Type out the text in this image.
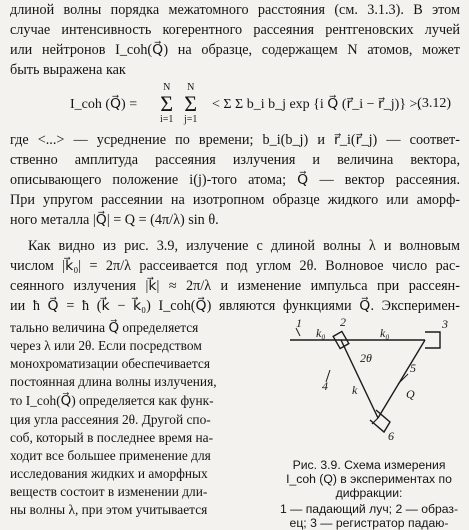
длиной волны порядка межатомного расстояния (см. 3.1.3). В этом
случае интенсивность когерентного рассеяния рентгеновских лучей
или нейтронов I_coh(Q⃗) на образце, содержащем N атомов, может
быть выражена как
I_coh (Q⃗) =
N
Σ
i=1
N
Σ
j=1
< Σ Σ b_i b_j exp {i Q⃗ (r⃗_i − r⃗_j)} >,
(3.12)
где <...> — усреднение по времени; b_i(b_j) и r⃗_i(r⃗_j) — соответ-
ственно амплитуда рассеяния излучения и величина вектора,
описывающего положение i(j)-того атома; Q⃗ — вектор рассеяния.
При упругом рассеянии на изотропном образце жидкого или аморф-
ного металла |Q⃗| = Q = (4π/λ) sin θ.
Как видно из рис. 3.9, излучение с длиной волны λ и волновым
числом |k⃗₀| = 2π/λ рассеивается под углом 2θ. Волновое число рас-
сеянного излучения |k⃗| ≈ 2π/λ и изменение импульса при рассеян-
ии ħ Q⃗ = ħ (k⃗ − k⃗₀) I_coh(Q⃗) являются функциями Q⃗. Эксперимен-
тально величина Q⃗ определяется
через λ или 2θ. Если посредством
монохроматизации обеспечивается
постоянная длина волны излучения,
то I_coh(Q⃗) определяется как функ-
ция угла рассеяния 2θ. Другой спо-
соб, который в последнее время на-
ходит все большее применение для
исследования жидких и аморфных
веществ состоит в изменении дли-
ны волны λ, при этом учитывается
1	2	3
4
5
6
k₀	k₀
k	Q
2θ
Рис. 3.9. Схема измерения
I_coh (Q) в экспериментах по
дифракции:
1 — падающий луч; 2 — образ-
ец; 3 — регистратор падаю-
